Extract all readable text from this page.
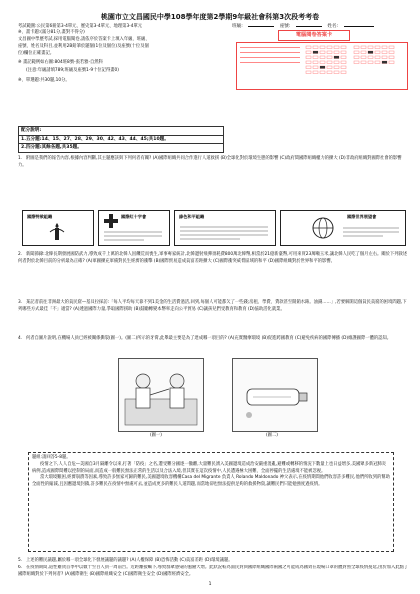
桃園市立文昌國民中學108學年度第2學期9年級社會科第3次段考考卷
考試範圍:公民第6冊第3-4單元、歷史第3-4單元、地理第3-4單元	班級:	座號:	姓名:
※、畫卡題:(滿分81分,畫對不得分)
文昌國中學歷考試,採用電腦閱卷,請依序於答案卡上填入年級、班級、
座號、姓名及科目,並利用2B鉛筆於題個(1位及個位)及座號(十位及個
位)欄位正確畫記。
※ 畫記範例如右圖:804班8號-張若雅-自然科
(注意:年級請填789;班級及座號1-9十位記得畫0)
※、單選題:共30題,10分。
電腦閱卷答案卡
配分說明:
1.五分題:14、15、27、28、29、30、42、43、44、45;共10題。
2.四分題:其餘各題,共35題。
1. 附圖是我們的報告內容,根據內容判斷,其主題應該與下列何者有關? (A)國際組織共同合作進行人道救援 (B)全球化對於環境生態的影響 (C)政府間國際組織權力的擴大 (D)非政府組織對國際社會的影響力。
國際特赦組織	國際紅十字會	綠色和平組織	國際世界展望會
2. 新聞節錄:北韓長期發展國防武力,導致成千上萬的北韓人因饑荒而喪生,軍事專家統計,北韓邊射飛彈須耗費800萬北韓幣,相當於21億新臺幣,可用來買23萬噸玉米,讓北韓人民吃了個月左右。關於下列敘述何者對於北韓目前的分析最為正確? (A)軍國擴充軍備對民生經濟的衝擊 (B)國際貿易造成貧富差距擴大 (C)國際衝突威脅區域的和平 (D)國際組織對於世界和平的影響。
3. 某記者前往非洲最大的貧民窟—基貝拉採訪:「每人平均每天靠不到1美金的生活費過活,回到,每個人可能都欠了一些錢;房租、學費、貸款甚至開銷水錶。油錢……」,若要解開這個貧民貧窮的困境問題,下列哪些方式最佳「不」適當? (A)透過國際力量,爭取國際援助 (B)鼓勵轉變本幣率走向公平貿易 (C)讓孩兒們受教育和教育 (D)協助活化就業。
4. 何者自圖片說明,在機場人員已經被關係撕裂(圖一)。(圖二)所示的牙膏,此舉最主要是為了達成哪一項目的? (A)充實醫療環境 (B)促進跨國教育 (C)避免疾病的國際傳播 (D)維護國際一體的認知。
(圖一)	(圖二)

題組:請回答5-8題。

疫情之下,人人自危—美國自3月隔離令以來,打著「防疫」之名,遭受難分國逐一撤離,大量難民湧入美國邊境造成治安嚴重混亂,避難或轉移的情況下數量上也日益增多,美國眾多新冠肺炎病例,造成國際間難以控制的局面,而造成一般難民無法正常的生活以及合法入境,但其實在這次疫情中,人民遭遇極大困難、全面停擺的生活處境不能被忽視。

當大環境艱困,經濟崩潰等因素,導致許多無家可歸的難民,美國邊境收容機構Casa del Migrante 負責人 Rolando Maldonado 神父表示,在疫情期間他們收容許多難民,他們所收到的幫助全面性的縮減,且因應邊境封鎖,許多難民在疫情中無處可去,並造成更多的難民人道問題,而當地卻也無法提供足夠的救援物資,讓難民們只能勉強度過疫情。

5. 上述的難民議題,屬於哪一項全球化下發展議題的議題? (A)人權保障 (B)恐怖活動 (C)貧富差距 (D)環境議題。
6. 在疫情期間,道性雞貨首季中以數十至百人員一周前台。近距離接觸下,導致群眾感染的風險大增。此狀況較為面民對與國際組織國際兩國之可能成為國效在現場口罩的體對照全球疫情蔓延,由於加入此點了國際組織對於下列何者? (A)國際衛生 (B)國際組織安全 (C)國際衛生安全 (D)國際經濟安全。
1
